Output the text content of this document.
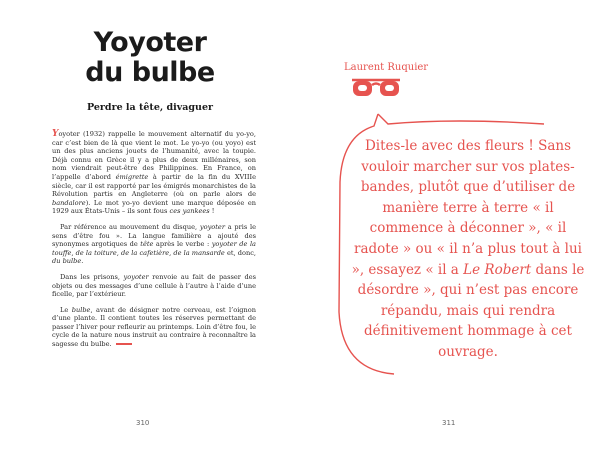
Yoyoter
du bulbe
Perdre la tête, divaguer

Yoyoter (1932) rappelle le mouvement alternatif du yo-yo, car c’est bien de là que vient le mot. Le yo-yo (ou yoyo) est un des plus anciens jouets de l’humanité, avec la toupie. Déjà connu en Grèce il y a plus de deux millénaires, son nom viendrait peut-être des Philippines. En France, on l’appelle d’abord émigrette à partir de la fin du XVIIIe siècle, car il est rapporté par les émigrés monarchistes de la Révolution partis en Angleterre (où on parle alors de bandalore). Le mot yo-yo devient une marque déposée en 1929 aux États-Unis – ils sont fous ces yankees !

Par référence au mouvement du disque, yoyoter a pris le sens d’être fou ». La langue familière a ajouté des synonymes argotiques de tête après le verbe : yoyoter de la touffe, de la toiture, de la cafetière, de la mansarde et, donc, du bulbe.

Dans les prisons, yoyoter renvoie au fait de passer des objets ou des messages d’une cellule à l’autre à l’aide d’une ficelle, par l’extérieur.

Le bulbe, avant de désigner notre cerveau, est l’oignon d’une plante. Il contient toutes les réserves permettant de passer l’hiver pour refleurir au printemps. Loin d’être fou, le cycle de la nature nous instruit au contraire à reconnaître la sagesse du bulbe.

310
Laurent Ruquier
Dites-le avec des fleurs ! Sans vouloir marcher sur vos plates-bandes, plutôt que d’utiliser de manière terre à terre « il commence à déconner », « il radote » ou « il n’a plus tout à lui », essayez « il a Le Robert dans le désordre », qui n’est pas encore répandu, mais qui rendra définitivement hommage à cet ouvrage.
311
